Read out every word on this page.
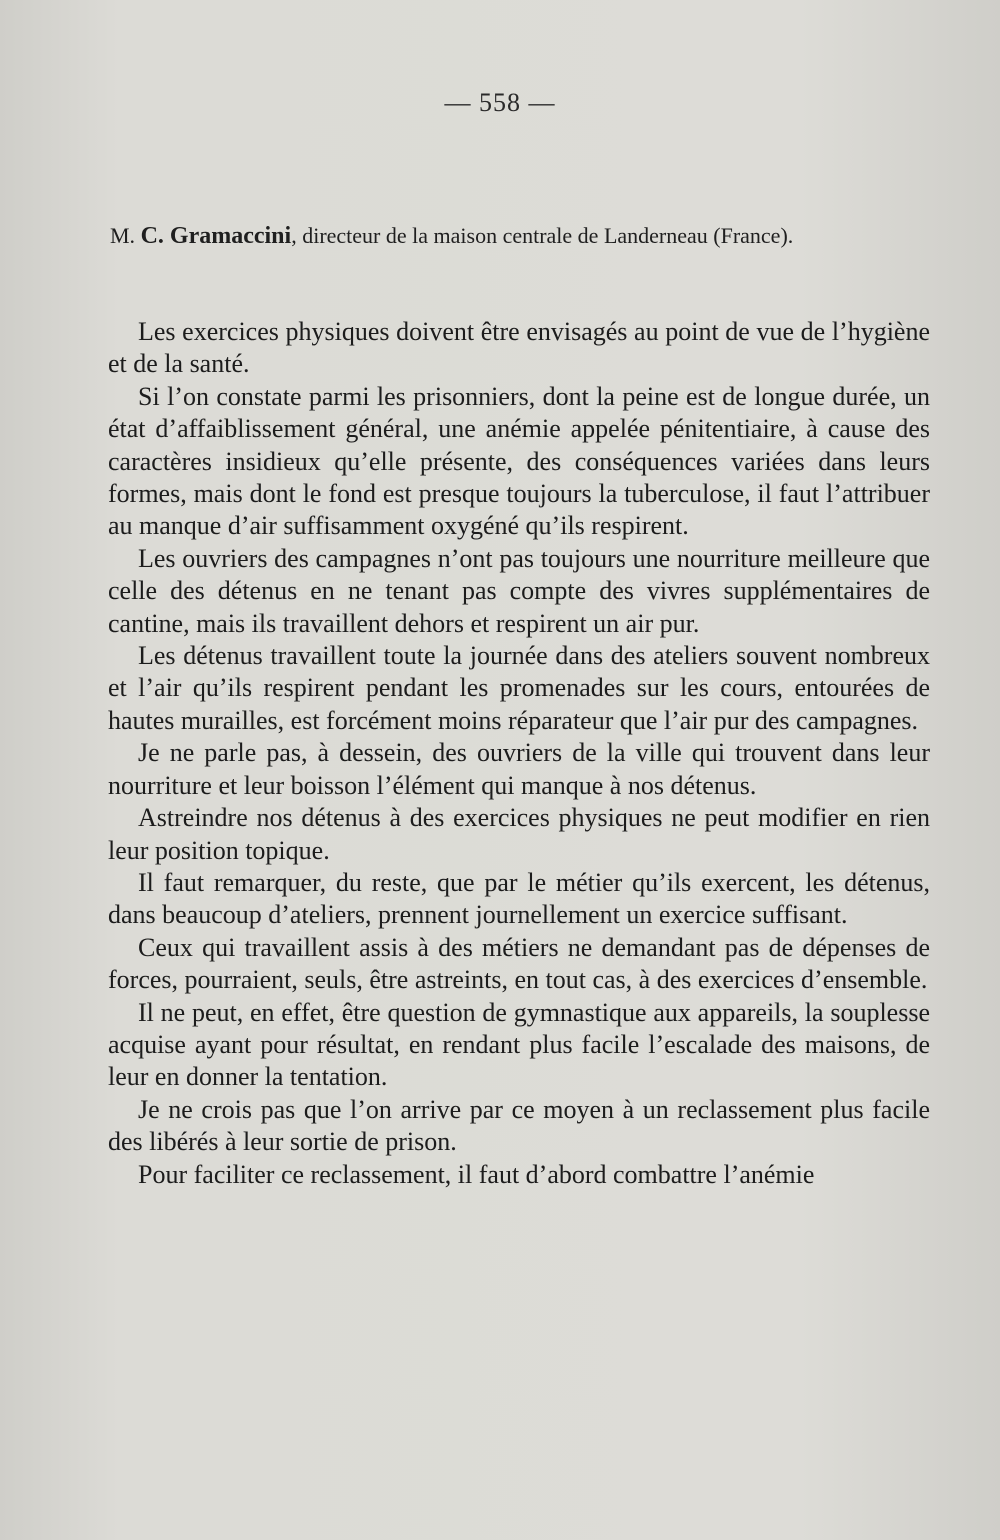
— 558 —
M. C. Gramaccini, directeur de la maison centrale de Landerneau (France).

Les exercices physiques doivent être envisagés au point de vue de l’hygiène et de la santé.

Si l’on constate parmi les prisonniers, dont la peine est de longue durée, un état d’affaiblissement général, une anémie appelée pénitentiaire, à cause des caractères insidieux qu’elle présente, des conséquences variées dans leurs formes, mais dont le fond est presque toujours la tuberculose, il faut l’attribuer au manque d’air suffisamment oxygéné qu’ils respirent.

Les ouvriers des campagnes n’ont pas toujours une nourriture meilleure que celle des détenus en ne tenant pas compte des vivres supplémentaires de cantine, mais ils travaillent dehors et respirent un air pur.

Les détenus travaillent toute la journée dans des ateliers souvent nombreux et l’air qu’ils respirent pendant les promenades sur les cours, entourées de hautes murailles, est forcément moins réparateur que l’air pur des campagnes.

Je ne parle pas, à dessein, des ouvriers de la ville qui trouvent dans leur nourriture et leur boisson l’élément qui manque à nos détenus.

Astreindre nos détenus à des exercices physiques ne peut modifier en rien leur position topique.

Il faut remarquer, du reste, que par le métier qu’ils exercent, les détenus, dans beaucoup d’ateliers, prennent journellement un exercice suffisant.

Ceux qui travaillent assis à des métiers ne demandant pas de dépenses de forces, pourraient, seuls, être astreints, en tout cas, à des exercices d’ensemble.

Il ne peut, en effet, être question de gymnastique aux appareils, la souplesse acquise ayant pour résultat, en rendant plus facile l’escalade des maisons, de leur en donner la tentation.

Je ne crois pas que l’on arrive par ce moyen à un reclassement plus facile des libérés à leur sortie de prison.

Pour faciliter ce reclassement, il faut d’abord combattre l’anémie
